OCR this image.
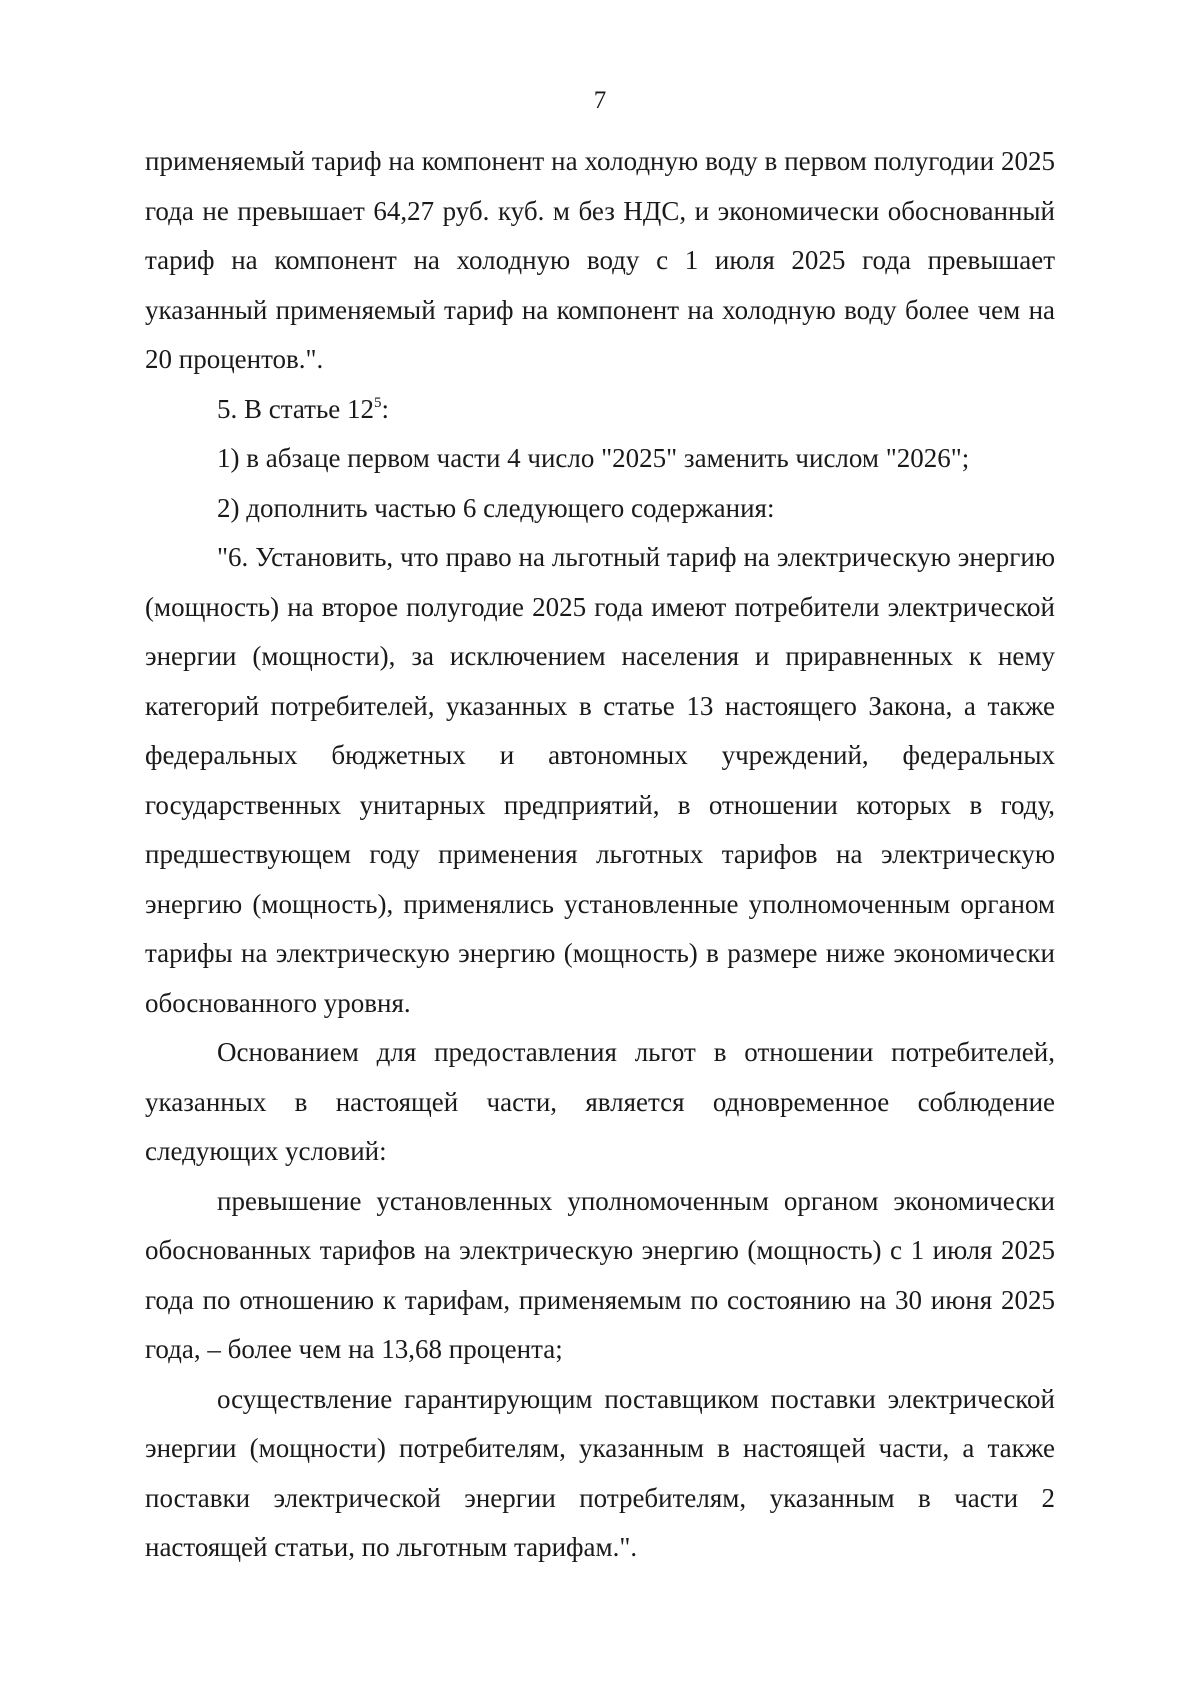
7

применяемый тариф на компонент на холодную воду в первом полугодии 2025 года не превышает 64,27 руб. куб. м без НДС, и экономически обоснованный тариф на компонент на холодную воду с 1 июля 2025 года превышает указанный применяемый тариф на компонент на холодную воду более чем на 20 процентов.".

5. В статье $12^5$:

1) в абзаце первом части 4 число "2025" заменить числом "2026";

2) дополнить частью 6 следующего содержания:

"6. Установить, что право на льготный тариф на электрическую энергию (мощность) на второе полугодие 2025 года имеют потребители электрической энергии (мощности), за исключением населения и приравненных к нему категорий потребителей, указанных в статье 13 настоящего Закона, а также федеральных бюджетных и автономных учреждений, федеральных государственных унитарных предприятий, в отношении которых в году, предшествующем году применения льготных тарифов на электрическую энергию (мощность), применялись установленные уполномоченным органом тарифы на электрическую энергию (мощность) в размере ниже экономически обоснованного уровня.

Основанием для предоставления льгот в отношении потребителей, указанных в настоящей части, является одновременное соблюдение следующих условий:

превышение установленных уполномоченным органом экономически обоснованных тарифов на электрическую энергию (мощность) с 1 июля 2025 года по отношению к тарифам, применяемым по состоянию на 30 июня 2025 года, – более чем на 13,68 процента;

осуществление гарантирующим поставщиком поставки электрической энергии (мощности) потребителям, указанным в настоящей части, а также поставки электрической энергии потребителям, указанным в части 2 настоящей статьи, по льготным тарифам.".
